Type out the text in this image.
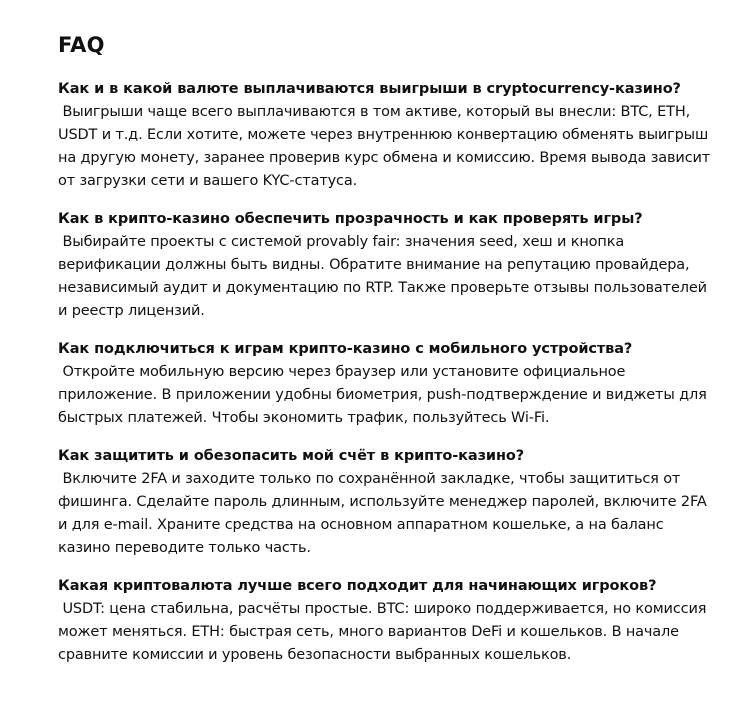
FAQ

Как и в какой валюте выплачиваются выигрыши в cryptocurrency-казино?

Выигрыши чаще всего выплачиваются в том активе, который вы внесли: BTC, ETH, USDT и т.д. Если хотите, можете через внутреннюю конвертацию обменять выигрыш на другую монету, заранее проверив курс обмена и комиссию. Время вывода зависит от загрузки сети и вашего KYC-статуса.

Как в крипто-казино обеспечить прозрачность и как проверять игры?

Выбирайте проекты с системой provably fair: значения seed, хеш и кнопка верификации должны быть видны. Обратите внимание на репутацию провайдера, независимый аудит и документацию по RTP. Также проверьте отзывы пользователей и реестр лицензий.

Как подключиться к играм крипто-казино с мобильного устройства?

Откройте мобильную версию через браузер или установите официальное приложение. В приложении удобны биометрия, push-подтверждение и виджеты для быстрых платежей. Чтобы экономить трафик, пользуйтесь Wi-Fi.

Как защитить и обезопасить мой счёт в крипто-казино?

Включите 2FA и заходите только по сохранённой закладке, чтобы защититься от фишинга. Сделайте пароль длинным, используйте менеджер паролей, включите 2FA и для e-mail. Храните средства на основном аппаратном кошельке, а на баланс казино переводите только часть.

Какая криптовалюта лучше всего подходит для начинающих игроков?

USDT: цена стабильна, расчёты простые. BTC: широко поддерживается, но комиссия может меняться. ETH: быстрая сеть, много вариантов DeFi и кошельков. В начале сравните комиссии и уровень безопасности выбранных кошельков.
